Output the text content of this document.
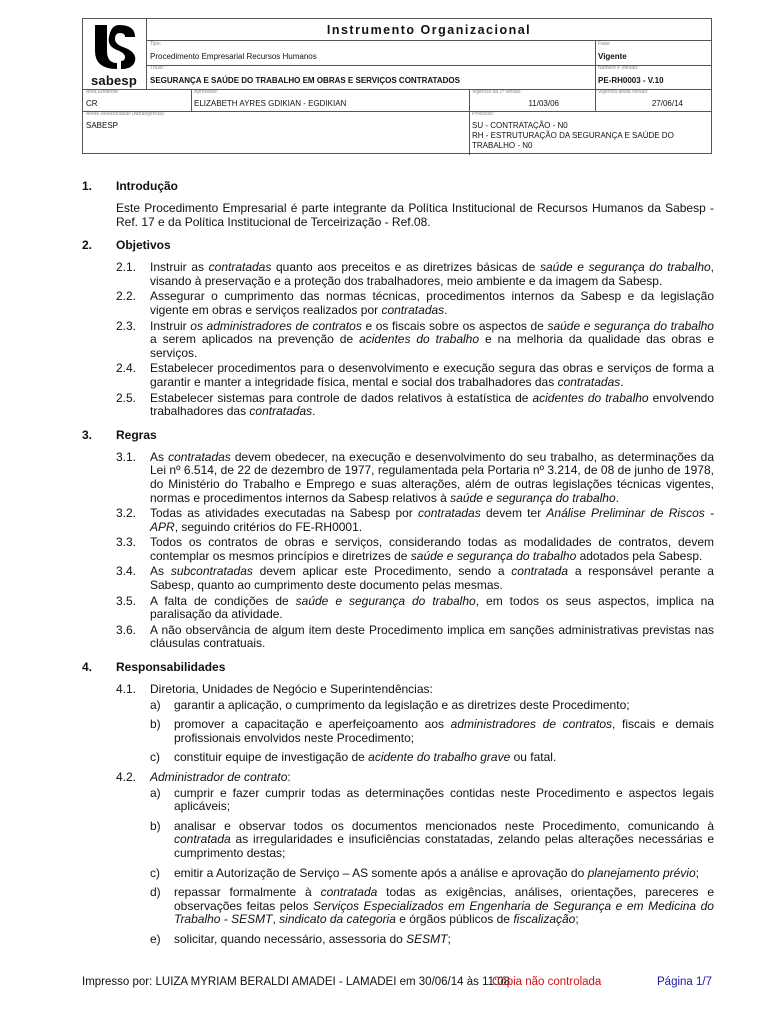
sabesp
Instrumento Organizacional
Tipo:
Procedimento Empresarial Recursos Humanos
Fase:
Vigente
Título:
SEGURANÇA E SAÚDE DO TRABALHO EM OBRAS E SERVIÇOS CONTRATADOS
Número e Versão:
PE-RH0003 - V.10
Área Emitente:
CR
Aprovador:
ELIZABETH AYRES GDIKIAN - EGDIKIAN
Vigência da 1ª versão:
11/03/06
Vigência desta versão:
27/06/14
Áreas Relacionadas (Abrangência):
SABESP
Processo:
SU - CONTRATAÇÃO - N0
RH - ESTRUTURAÇÃO DA SEGURANÇA E SAÚDE DO
TRABALHO - N0
1. Introdução
Este Procedimento Empresarial é parte integrante da Política Institucional de Recursos Humanos da Sabesp - Ref. 17 e da Política Institucional de Terceirização - Ref.08.
2. Objetivos
2.1. Instruir as contratadas quanto aos preceitos e as diretrizes básicas de saúde e segurança do trabalho, visando à preservação e a proteção dos trabalhadores, meio ambiente e da imagem da Sabesp.
2.2. Assegurar o cumprimento das normas técnicas, procedimentos internos da Sabesp e da legislação vigente em obras e serviços realizados por contratadas.
2.3. Instruir os administradores de contratos e os fiscais sobre os aspectos de saúde e segurança do trabalho a serem aplicados na prevenção de acidentes do trabalho e na melhoria da qualidade das obras e serviços.
2.4. Estabelecer procedimentos para o desenvolvimento e execução segura das obras e serviços de forma a garantir e manter a integridade física, mental e social dos trabalhadores das contratadas.
2.5. Estabelecer sistemas para controle de dados relativos à estatística de acidentes do trabalho envolvendo trabalhadores das contratadas.
3. Regras
3.1. As contratadas devem obedecer, na execução e desenvolvimento do seu trabalho, as determinações da Lei nº 6.514, de 22 de dezembro de 1977, regulamentada pela Portaria nº 3.214, de 08 de junho de 1978, do Ministério do Trabalho e Emprego e suas alterações, além de outras legislações técnicas vigentes, normas e procedimentos internos da Sabesp relativos à saúde e segurança do trabalho.
3.2. Todas as atividades executadas na Sabesp por contratadas devem ter Análise Preliminar de Riscos - APR, seguindo critérios do FE-RH0001.
3.3. Todos os contratos de obras e serviços, considerando todas as modalidades de contratos, devem contemplar os mesmos princípios e diretrizes de saúde e segurança do trabalho adotados pela Sabesp.
3.4. As subcontratadas devem aplicar este Procedimento, sendo a contratada a responsável perante a Sabesp, quanto ao cumprimento deste documento pelas mesmas.
3.5. A falta de condições de saúde e segurança do trabalho, em todos os seus aspectos, implica na paralisação da atividade.
3.6. A não observância de algum item deste Procedimento implica em sanções administrativas previstas nas cláusulas contratuais.
4. Responsabilidades
4.1. Diretoria, Unidades de Negócio e Superintendências:
a) garantir a aplicação, o cumprimento da legislação e as diretrizes deste Procedimento;
b) promover a capacitação e aperfeiçoamento aos administradores de contratos, fiscais e demais profissionais envolvidos neste Procedimento;
c) constituir equipe de investigação de acidente do trabalho grave ou fatal.
4.2. Administrador de contrato:
a) cumprir e fazer cumprir todas as determinações contidas neste Procedimento e aspectos legais aplicáveis;
b) analisar e observar todos os documentos mencionados neste Procedimento, comunicando à contratada as irregularidades e insuficiências constatadas, zelando pelas alterações necessárias e cumprimento destas;
c) emitir a Autorização de Serviço – AS somente após a análise e aprovação do planejamento prévio;
d) repassar formalmente à contratada todas as exigências, análises, orientações, pareceres e observações feitas pelos Serviços Especializados em Engenharia de Segurança e em Medicina do Trabalho - SESMT, sindicato da categoria e órgãos públicos de fiscalização;
e) solicitar, quando necessário, assessoria do SESMT;
Impresso por: LUIZA MYRIAM BERALDI AMADEI - LAMADEI em 30/06/14 às 11:08
Cópia não controlada	Página 1/7
